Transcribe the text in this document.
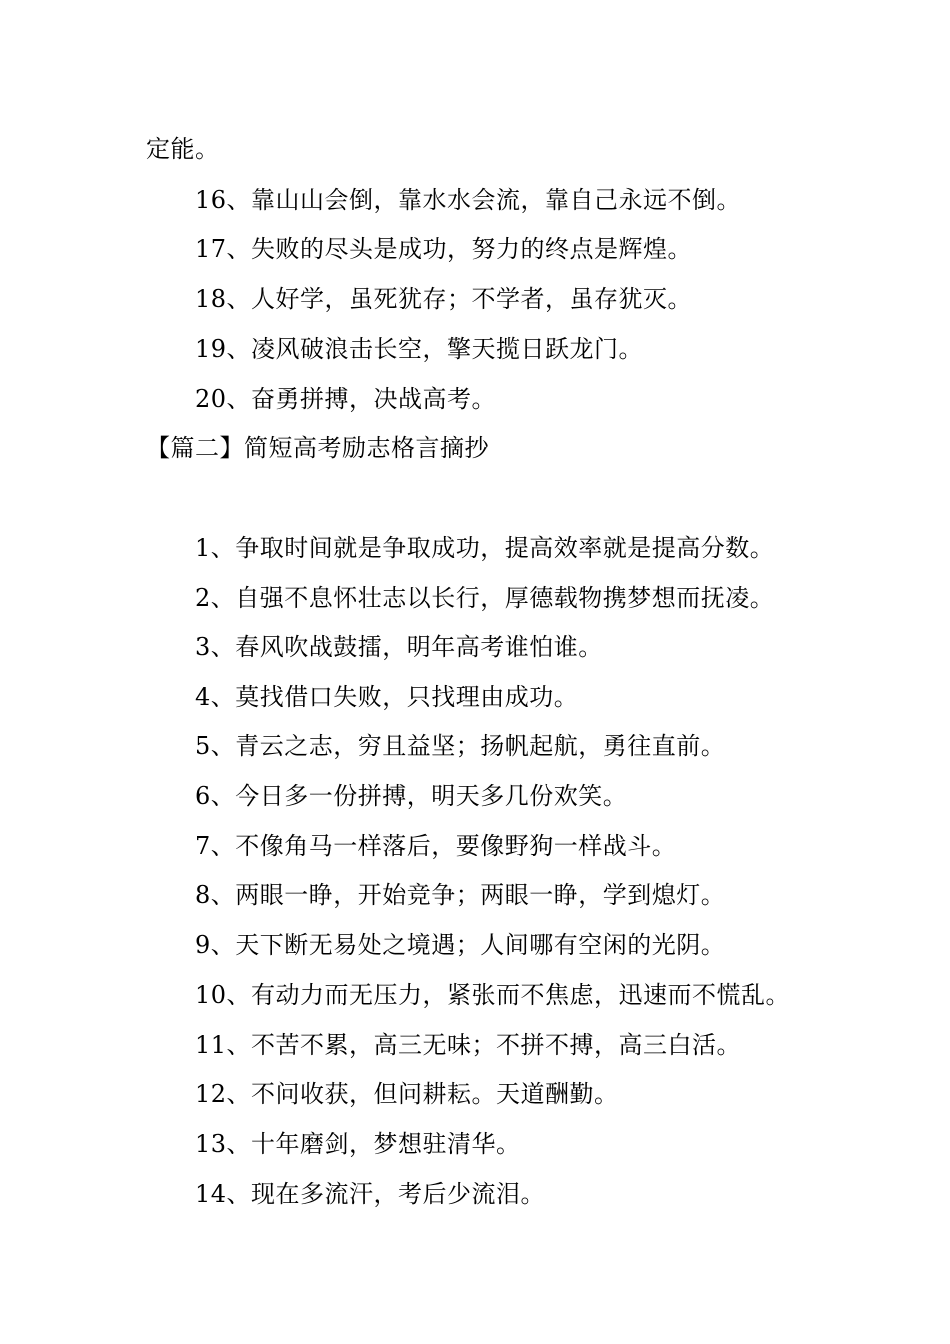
定能。
16、靠山山会倒，靠水水会流，靠自己永远不倒。
17、失败的尽头是成功，努力的终点是辉煌。
18、人好学，虽死犹存；不学者，虽存犹灭。
19、凌风破浪击长空，擎天揽日跃龙门。
20、奋勇拼搏，决战高考。
【篇二】简短高考励志格言摘抄
1、争取时间就是争取成功，提高效率就是提高分数。
2、自强不息怀壮志以长行，厚德载物携梦想而抚凌。
3、春风吹战鼓擂，明年高考谁怕谁。
4、莫找借口失败，只找理由成功。
5、青云之志，穷且益坚；扬帆起航，勇往直前。
6、今日多一份拼搏，明天多几份欢笑。
7、不像角马一样落后，要像野狗一样战斗。
8、两眼一睁，开始竞争；两眼一睁，学到熄灯。
9、天下断无易处之境遇；人间哪有空闲的光阴。
10、有动力而无压力，紧张而不焦虑，迅速而不慌乱。
11、不苦不累，高三无味；不拼不搏，高三白活。
12、不问收获，但问耕耘。天道酬勤。
13、十年磨剑，梦想驻清华。
14、现在多流汗，考后少流泪。
